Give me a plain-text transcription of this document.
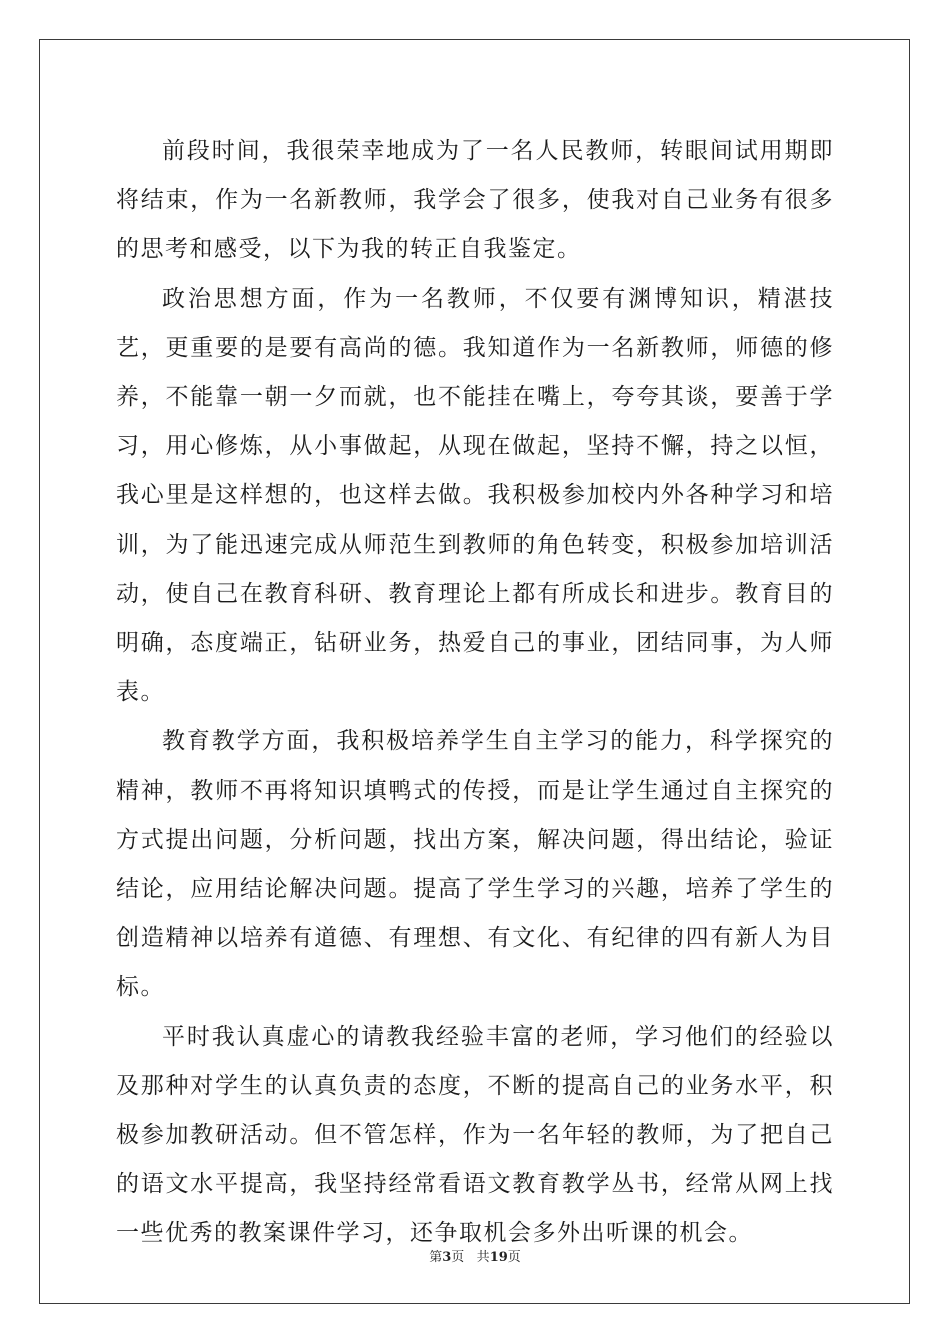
前段时间，我很荣幸地成为了一名人民教师，转眼间试用期即将结束，作为一名新教师，我学会了很多，使我对自己业务有很多的思考和感受，以下为我的转正自我鉴定。

政治思想方面，作为一名教师，不仅要有渊博知识，精湛技艺，更重要的是要有高尚的德。我知道作为一名新教师，师德的修养，不能靠一朝一夕而就，也不能挂在嘴上，夸夸其谈，要善于学习，用心修炼，从小事做起，从现在做起，坚持不懈，持之以恒，我心里是这样想的，也这样去做。我积极参加校内外各种学习和培训，为了能迅速完成从师范生到教师的角色转变，积极参加培训活动，使自己在教育科研、教育理论上都有所成长和进步。教育目的明确，态度端正，钻研业务，热爱自己的事业，团结同事，为人师表。

教育教学方面，我积极培养学生自主学习的能力，科学探究的精神，教师不再将知识填鸭式的传授，而是让学生通过自主探究的方式提出问题，分析问题，找出方案，解决问题，得出结论，验证结论，应用结论解决问题。提高了学生学习的兴趣，培养了学生的创造精神以培养有道德、有理想、有文化、有纪律的四有新人为目标。

平时我认真虚心的请教我经验丰富的老师，学习他们的经验以及那种对学生的认真负责的态度，不断的提高自己的业务水平，积极参加教研活动。但不管怎样，作为一名年轻的教师，为了把自己的语文水平提高，我坚持经常看语文教育教学丛书，经常从网上找一些优秀的教案课件学习，还争取机会多外出听课的机会。

第3页 共19页
